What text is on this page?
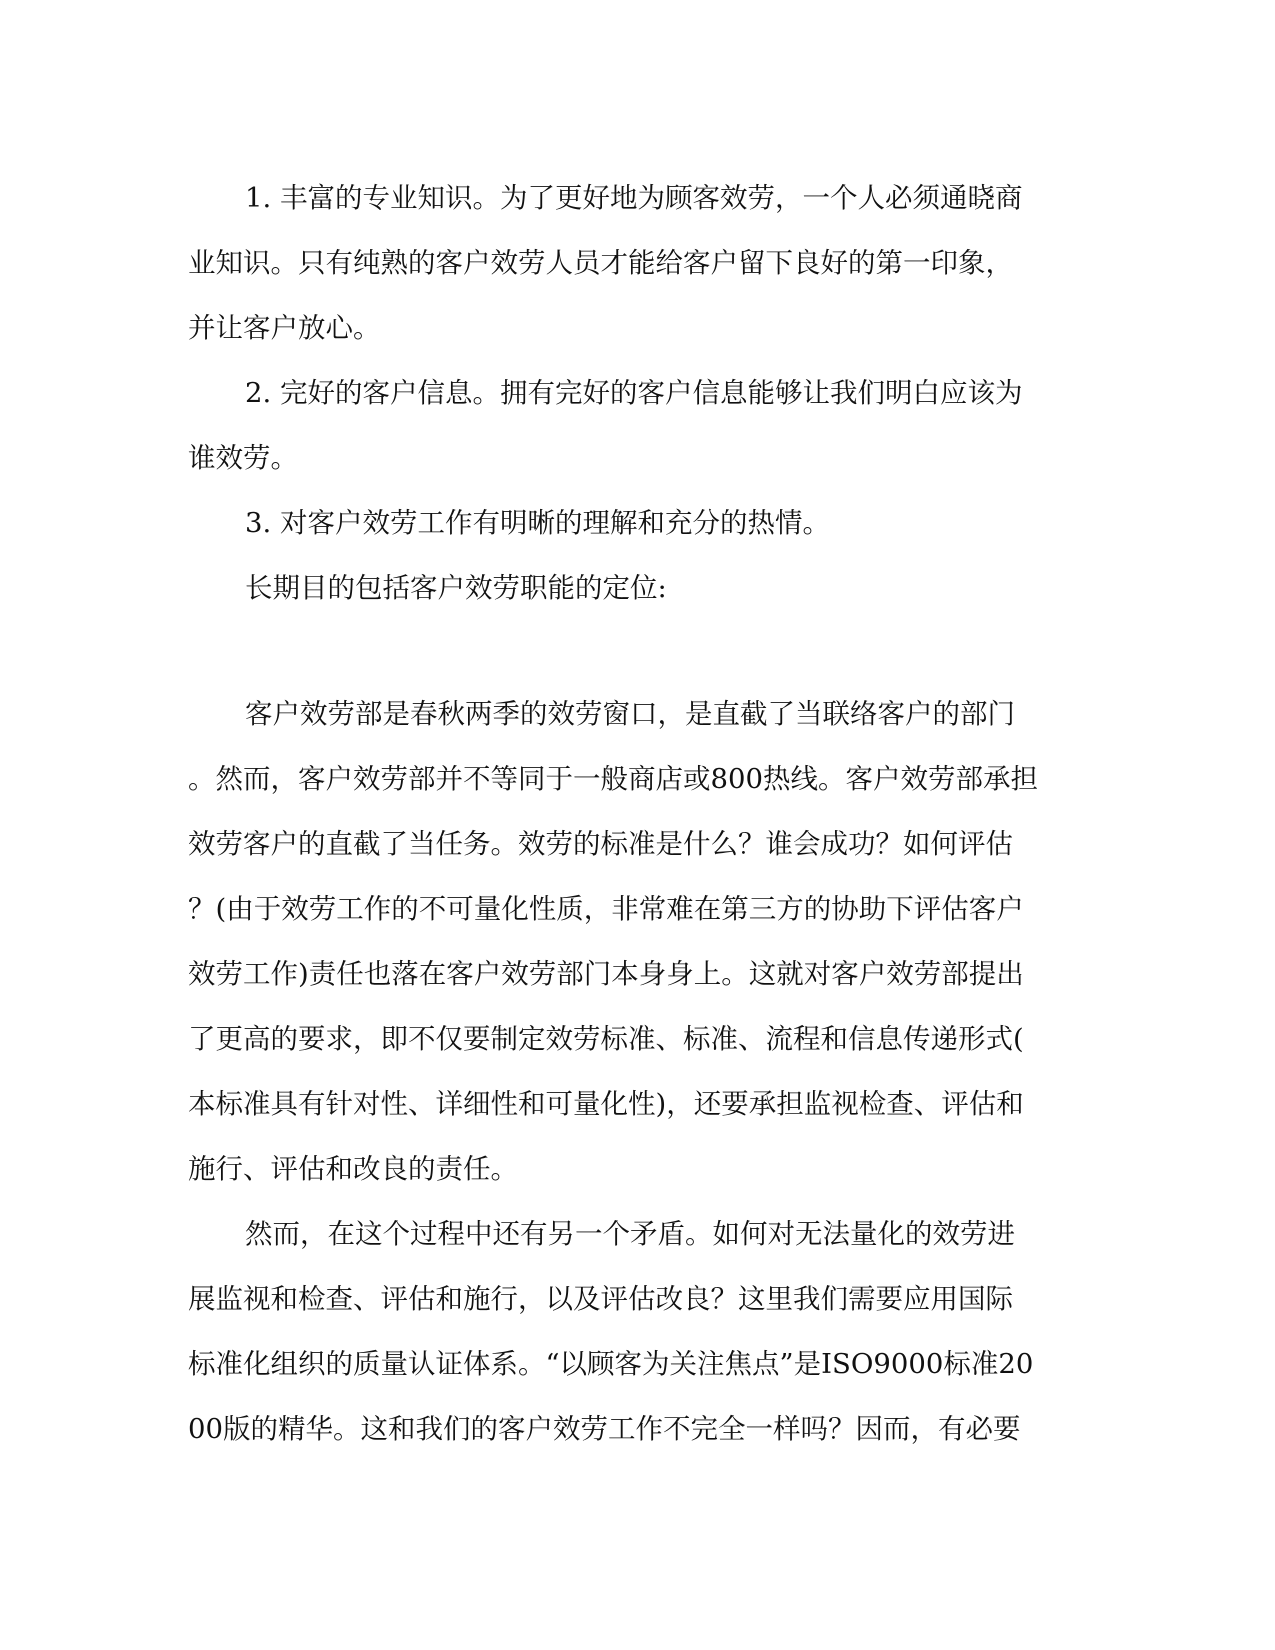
1. 丰富的专业知识。为了更好地为顾客效劳，一个人必须通晓商
业知识。只有纯熟的客户效劳人员才能给客户留下良好的第一印象，
并让客户放心。
2. 完好的客户信息。拥有完好的客户信息能够让我们明白应该为
谁效劳。
3. 对客户效劳工作有明晰的理解和充分的热情。
长期目的包括客户效劳职能的定位:
客户效劳部是春秋两季的效劳窗口，是直截了当联络客户的部门
。然而，客户效劳部并不等同于一般商店或800热线。客户效劳部承担
效劳客户的直截了当任务。效劳的标准是什么？谁会成功？如何评估
？(由于效劳工作的不可量化性质，非常难在第三方的协助下评估客户
效劳工作)责任也落在客户效劳部门本身身上。这就对客户效劳部提出
了更高的要求，即不仅要制定效劳标准、标准、流程和信息传递形式(
本标准具有针对性、详细性和可量化性)，还要承担监视检查、评估和
施行、评估和改良的责任。
然而，在这个过程中还有另一个矛盾。如何对无法量化的效劳进
展监视和检查、评估和施行，以及评估改良？这里我们需要应用国际
标准化组织的质量认证体系。“以顾客为关注焦点”是ISO9000标准20
00版的精华。这和我们的客户效劳工作不完全一样吗？因而，有必要
